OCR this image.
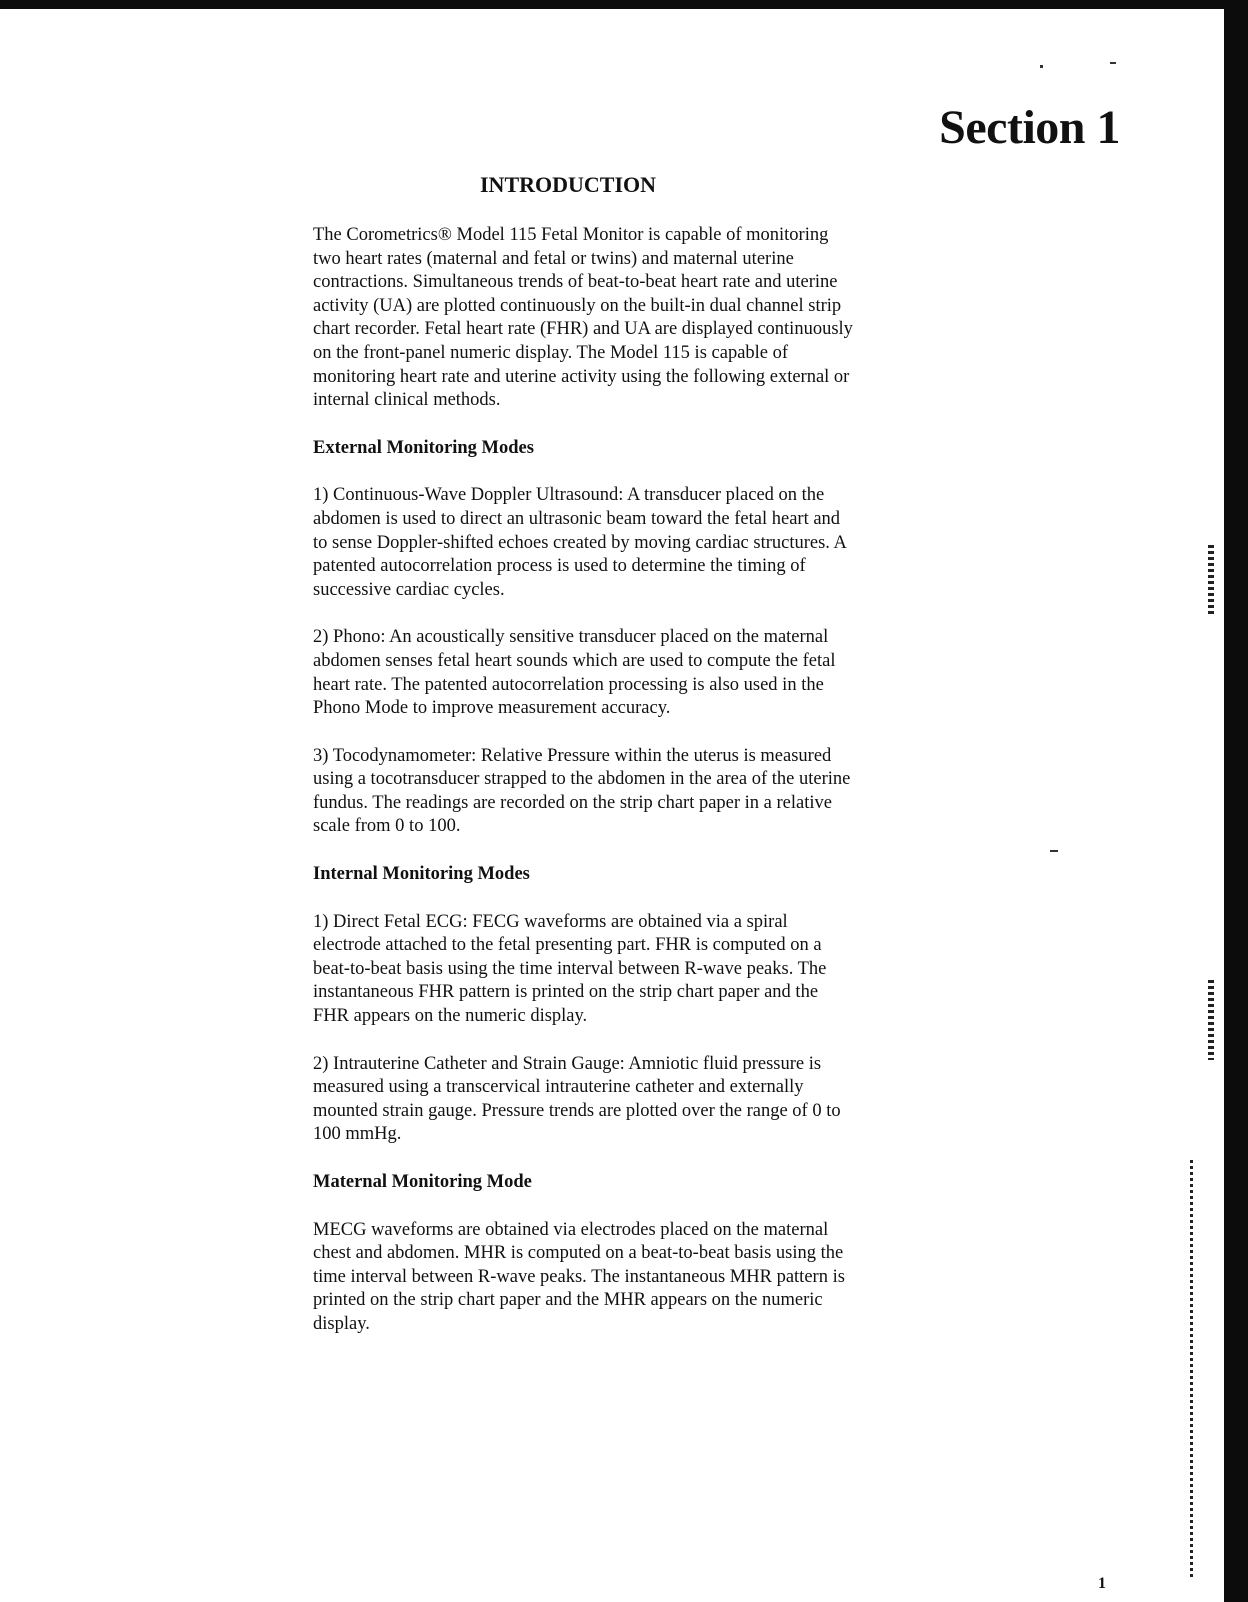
Section 1
INTRODUCTION

The Corometrics® Model 115 Fetal Monitor is capable of monitoring two heart rates (maternal and fetal or twins) and maternal uterine contractions. Simultaneous trends of beat-to-beat heart rate and uterine activity (UA) are plotted continuously on the built-in dual channel strip chart recorder. Fetal heart rate (FHR) and UA are displayed continuously on the front-panel numeric display. The Model 115 is capable of monitoring heart rate and uterine activity using the following external or internal clinical methods.

External Monitoring Modes

1) Continuous-Wave Doppler Ultrasound: A transducer placed on the abdomen is used to direct an ultrasonic beam toward the fetal heart and to sense Doppler-shifted echoes created by moving cardiac structures. A patented autocorrelation process is used to determine the timing of successive cardiac cycles.

2) Phono: An acoustically sensitive transducer placed on the maternal abdomen senses fetal heart sounds which are used to compute the fetal heart rate. The patented autocorrelation processing is also used in the Phono Mode to improve measurement accuracy.

3) Tocodynamometer: Relative Pressure within the uterus is measured using a tocotransducer strapped to the abdomen in the area of the uterine fundus. The readings are recorded on the strip chart paper in a relative scale from 0 to 100.

Internal Monitoring Modes

1) Direct Fetal ECG: FECG waveforms are obtained via a spiral electrode attached to the fetal presenting part. FHR is computed on a beat-to-beat basis using the time interval between R-wave peaks. The instantaneous FHR pattern is printed on the strip chart paper and the FHR appears on the numeric display.

2) Intrauterine Catheter and Strain Gauge: Amniotic fluid pressure is measured using a transcervical intrauterine catheter and externally mounted strain gauge. Pressure trends are plotted over the range of 0 to 100 mmHg.

Maternal Monitoring Mode

MECG waveforms are obtained via electrodes placed on the maternal chest and abdomen. MHR is computed on a beat-to-beat basis using the time interval between R-wave peaks. The instantaneous MHR pattern is printed on the strip chart paper and the MHR appears on the numeric display.

1
